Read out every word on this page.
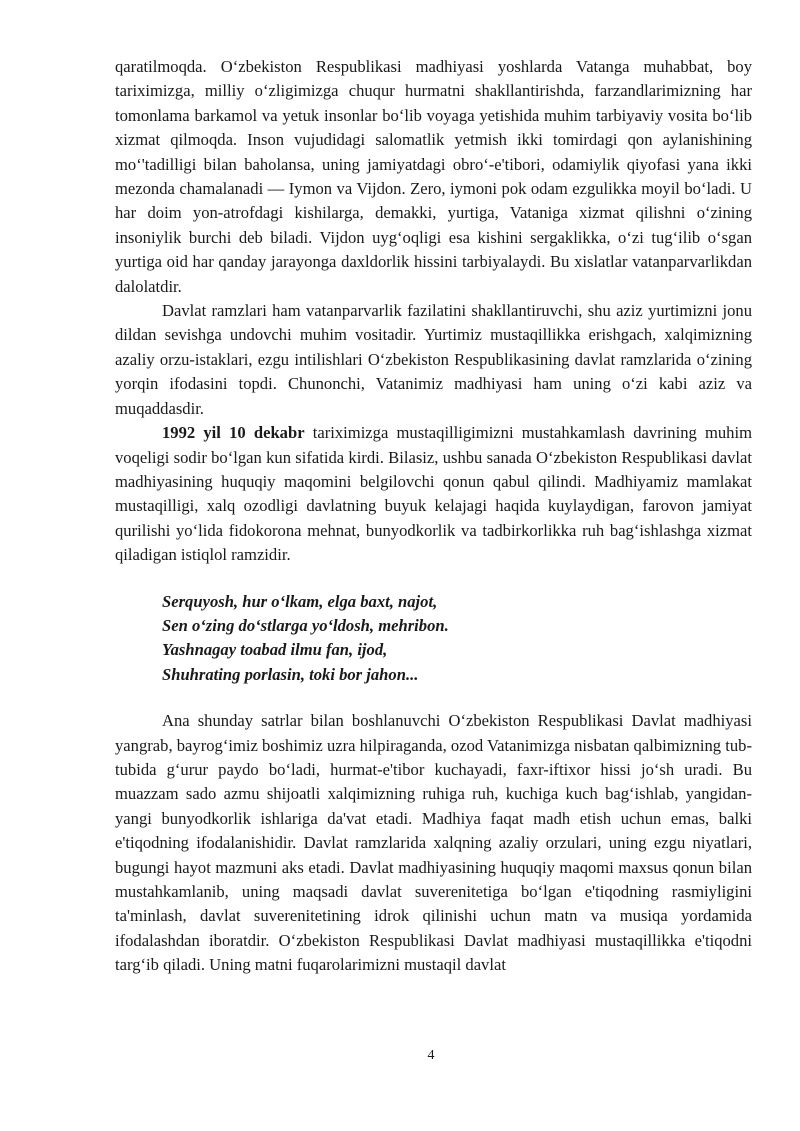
qaratilmoqda. O‘zbekiston Respublikasi madhiyasi yoshlarda Vatanga muhabbat, boy tariximizga, milliy o‘zligimizga chuqur hurmatni shakllantirishda, farzandlarimizning har tomonlama barkamol va yetuk insonlar bo‘lib voyaga yetishida muhim tarbiyaviy vosita bo‘lib xizmat qilmoqda. Inson vujudidagi salomatlik yetmish ikki tomirdagi qon aylanishining mo‘'tadilligi bilan baholansa, uning jamiyatdagi obro‘-e'tibori, odamiylik qiyofasi yana ikki mezonda chamalanadi — Iymon va Vijdon. Zero, iymoni pok odam ezgulikka moyil bo‘ladi. U har doim yon-atrofdagi kishilarga, demakki, yurtiga, Vataniga xizmat qilishni o‘zining insoniylik burchi deb biladi. Vijdon uyg‘oqligi esa kishini sergaklikka, o‘zi tug‘ilib o‘sgan yurtiga oid har qanday jarayonga daxldorlik hissini tarbiyalaydi. Bu xislatlar vatanparvarlikdan dalolatdir.

Davlat ramzlari ham vatanparvarlik fazilatini shakllantiruvchi, shu aziz yurtimizni jonu dildan sevishga undovchi muhim vositadir. Yurtimiz mustaqillikka erishgach, xalqimizning azaliy orzu-istaklari, ezgu intilishlari O‘zbekiston Respublikasining davlat ramzlarida o‘zining yorqin ifodasini topdi. Chunonchi, Vatanimiz madhiyasi ham uning o‘zi kabi aziz va muqaddasdir.

1992 yil 10 dekabr tariximizga mustaqilligimizni mustahkamlash davrining muhim voqeligi sodir bo‘lgan kun sifatida kirdi. Bilasiz, ushbu sanada O‘zbekiston Respublikasi davlat madhiyasining huquqiy maqomini belgilovchi qonun qabul qilindi. Madhiyamiz mamlakat mustaqilligi, xalq ozodligi davlatning buyuk kelajagi haqida kuylaydigan, farovon jamiyat qurilishi yo‘lida fidokorona mehnat, bunyodkorlik va tadbirkorlikka ruh bag‘ishlashga xizmat qiladigan istiqlol ramzidir.

Serquyosh, hur o‘lkam, elga baxt, najot,
Sen o‘zing do‘stlarga yo‘ldosh, mehribon.
Yashnagay toabad ilmu fan, ijod,
Shuhrating porlasin, toki bor jahon...

Ana shunday satrlar bilan boshlanuvchi O‘zbekiston Respublikasi Davlat madhiyasi yangrab, bayrog‘imiz boshimiz uzra hilpiraganda, ozod Vatanimizga nisbatan qalbimizning tub-tubida g‘urur paydo bo‘ladi, hurmat-e'tibor kuchayadi, faxr-iftixor hissi jo‘sh uradi. Bu muazzam sado azmu shijoatli xalqimizning ruhiga ruh, kuchiga kuch bag‘ishlab, yangidan-yangi bunyodkorlik ishlariga da'vat etadi. Madhiya faqat madh etish uchun emas, balki e'tiqodning ifodalanishidir. Davlat ramzlarida xalqning azaliy orzulari, uning ezgu niyatlari, bugungi hayot mazmuni aks etadi. Davlat madhiyasining huquqiy maqomi maxsus qonun bilan mustahkamlanib, uning maqsadi davlat suverenitetiga bo‘lgan e'tiqodning rasmiyligini ta'minlash, davlat suverenitetining idrok qilinishi uchun matn va musiqa yordamida ifodalashdan iboratdir. O‘zbekiston Respublikasi Davlat madhiyasi mustaqillikka e'tiqodni targ‘ib qiladi. Uning matni fuqarolarimizni mustaqil davlat

4
